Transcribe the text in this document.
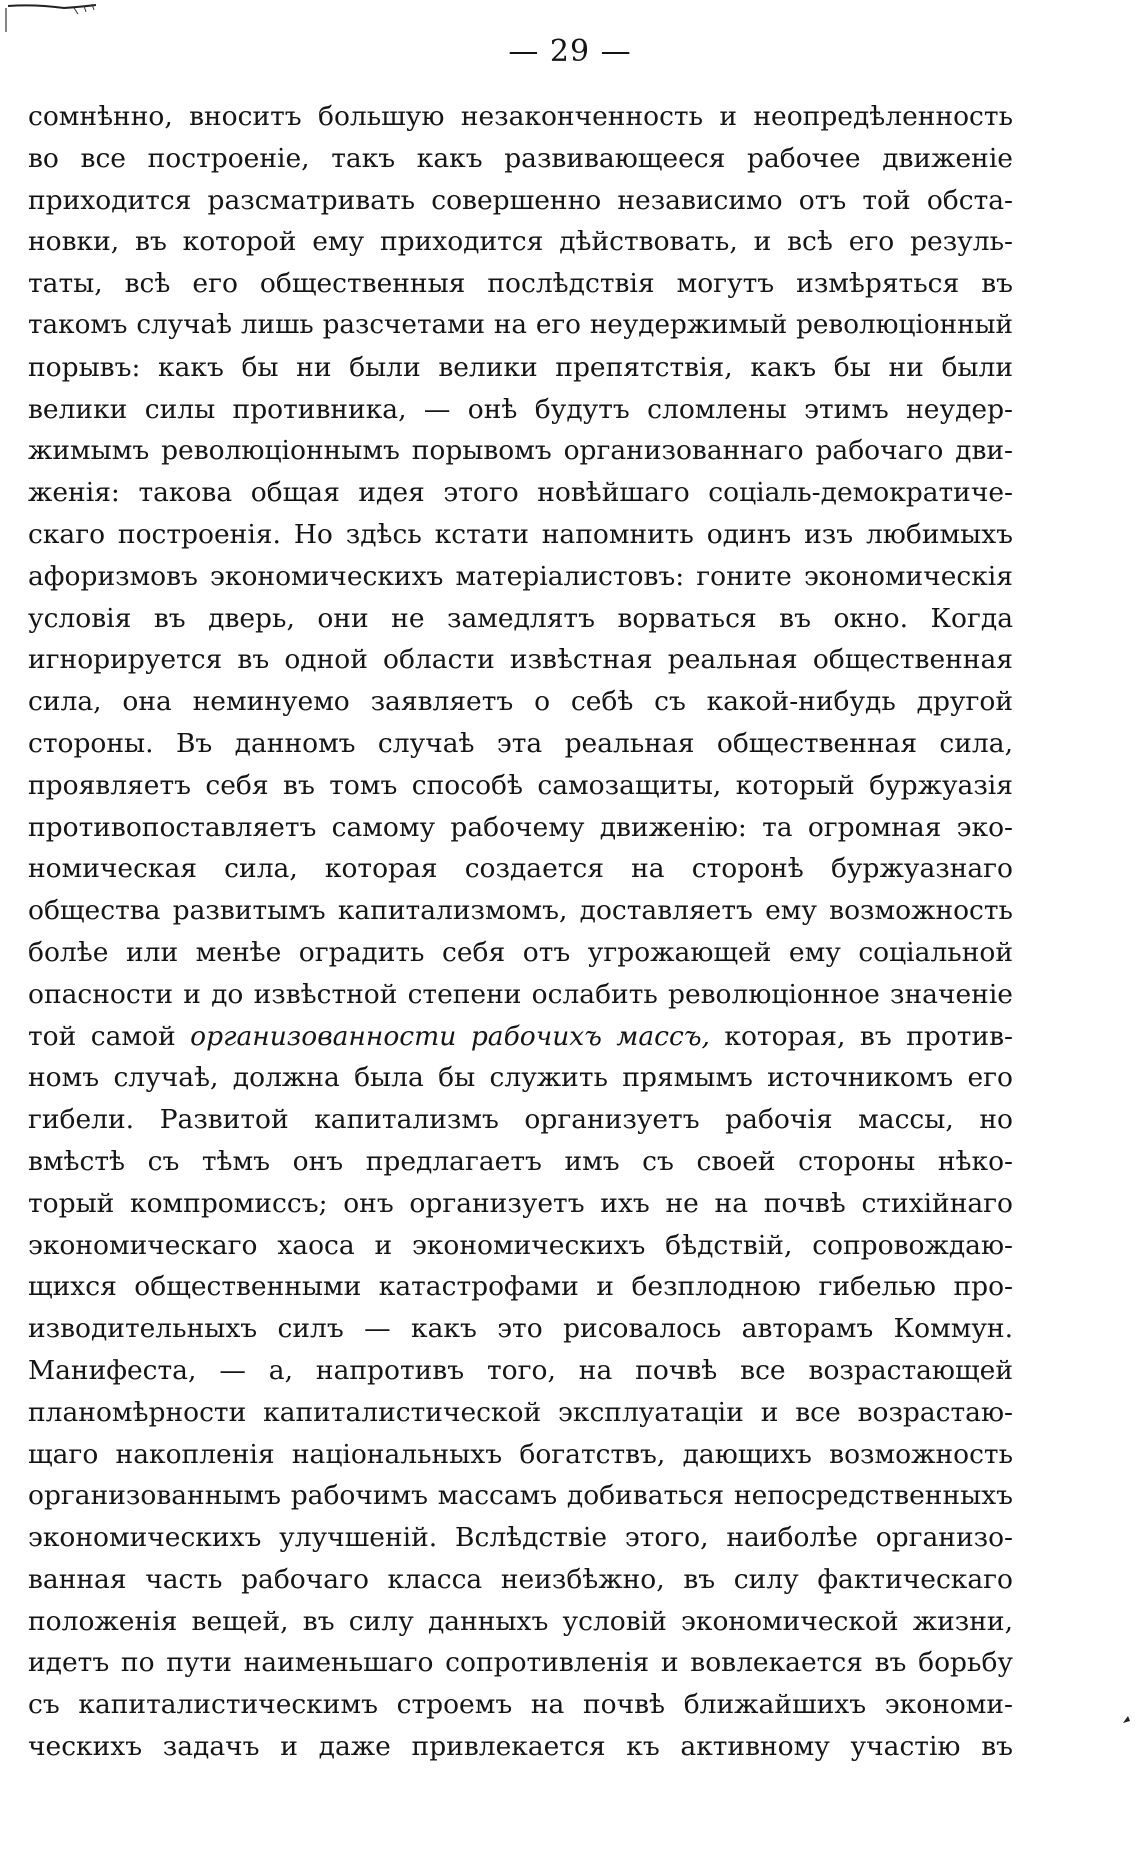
— 29 —
сомнѣнно, вноситъ большую незаконченность и неопредѣленность
во все построеніе, такъ какъ развивающееся рабочее движеніе
приходится разсматривать совершенно независимо отъ той обста-
новки, въ которой ему приходится дѣйствовать, и всѣ его резуль-
таты, всѣ его общественныя послѣдствія могутъ измѣряться въ
такомъ случаѣ лишь разсчетами на его неудержимый революціонный
порывъ: какъ бы ни были велики препятствія, какъ бы ни были
велики силы противника, — онѣ будутъ сломлены этимъ неудер-
жимымъ революціоннымъ порывомъ организованнаго рабочаго дви-
женія: такова общая идея этого новѣйшаго соціаль-демократиче-
скаго построенія. Но здѣсь кстати напомнить одинъ изъ любимыхъ
афоризмовъ экономическихъ матеріалистовъ: гоните экономическія
условія въ дверь, они не замедлятъ ворваться въ окно. Когда
игнорируется въ одной области извѣстная реальная общественная
сила, она неминуемо заявляетъ о себѣ съ какой-нибудь другой
стороны. Въ данномъ случаѣ эта реальная общественная сила,
проявляетъ себя въ томъ способѣ самозащиты, который буржуазія
противопоставляетъ самому рабочему движенію: та огромная эко-
номическая сила, которая создается на сторонѣ буржуазнаго
общества развитымъ капитализмомъ, доставляетъ ему возможность
болѣе или менѣе оградить себя отъ угрожающей ему соціальной
опасности и до извѣстной степени ослабить революціонное значеніе
той самой организованности рабочихъ массъ, которая, въ против-
номъ случаѣ, должна была бы служить прямымъ источникомъ его
гибели. Развитой капитализмъ организуетъ рабочія массы, но
вмѣстѣ съ тѣмъ онъ предлагаетъ имъ съ своей стороны нѣко-
торый компромиссъ; онъ организуетъ ихъ не на почвѣ стихійнаго
экономическаго хаоса и экономическихъ бѣдствій, сопровождаю-
щихся общественными катастрофами и безплодною гибелью про-
изводительныхъ силъ — какъ это рисовалось авторамъ Коммун.
Манифеста, — а, напротивъ того, на почвѣ все возрастающей
планомѣрности капиталистической эксплуатаціи и все возрастаю-
щаго накопленія національныхъ богатствъ, дающихъ возможность
организованнымъ рабочимъ массамъ добиваться непосредственныхъ
экономическихъ улучшеній. Вслѣдствіе этого, наиболѣе организо-
ванная часть рабочаго класса неизбѣжно, въ силу фактическаго
положенія вещей, въ силу данныхъ условій экономической жизни,
идетъ по пути наименьшаго сопротивленія и вовлекается въ борьбу
съ капиталистическимъ строемъ на почвѣ ближайшихъ экономи-
ческихъ задачъ и даже привлекается къ активному участію въ
